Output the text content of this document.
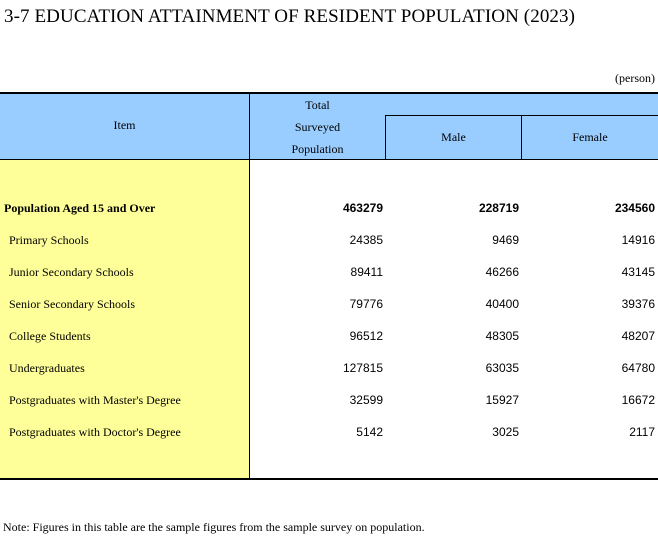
3-7 EDUCATION ATTAINMENT OF RESIDENT POPULATION (2023)
(person)
Item
Total
Surveyed
Population
Male	Female
Population Aged 15 and Over	463279	228719	234560
Primary Schools	24385	9469	14916
Junior Secondary Schools	89411	46266	43145
Senior Secondary Schools	79776	40400	39376
College Students	96512	48305	48207
Undergraduates	127815	63035	64780
Postgraduates with Master's Degree	32599	15927	16672
Postgraduates with Doctor's Degree	5142	3025	2117
Note: Figures in this table are the sample figures from the sample survey on population.
